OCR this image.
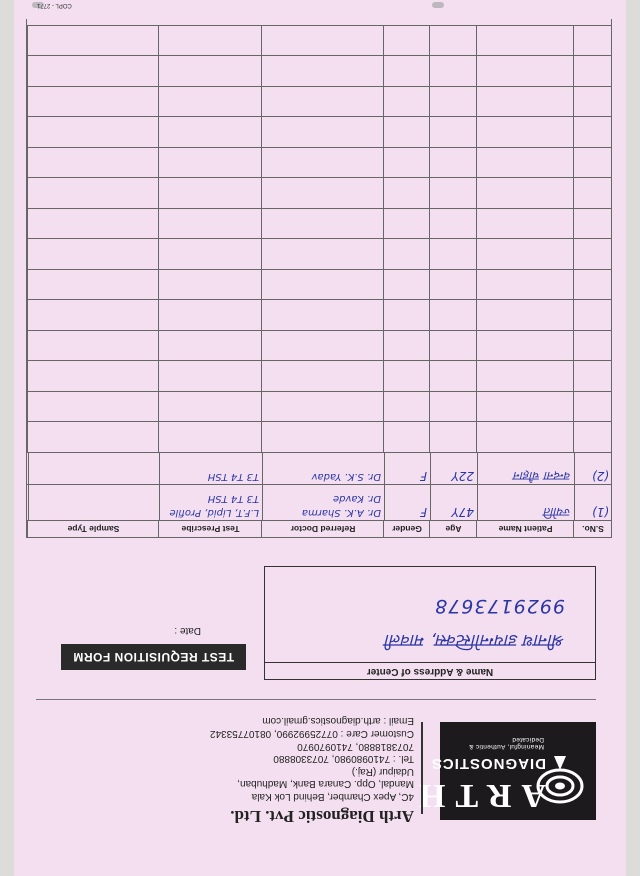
ARTH
DIAGNOSTICS
Meaningful, Authentic & Dedicated
Arth Diagnostic Pvt. Ltd.
4C, Apex Chamber, Behind Lok Kala
Mandal, Opp. Canara Bank, Madhuban,
Udaipur (Raj.)
Tel. : 7410980980, 7073308880
7073818880, 7410970970
Customer Care : 07725992990, 08107753342
Email : arth.diagnostics.gmail.com
TEST REQUISITION FORM
Date :
Name & Address of Center
श्रीनाथ डायग्नोस्टिक्स, मावली
9929173678
S.No.
Patient Name
Age
Gender
Referred Doctor
Test Prescribe
Sample Type
(1)
ज्योति
47Y
F
Dr. A.K. Sharma
Dr. Kavde
L.F.T, Lipid, Profile
T3 T4 TSH
(2)
वन्दना चौहान
22Y
F
Dr. S.K. Yadav
T3 T4 TSH
COPL - 2771
